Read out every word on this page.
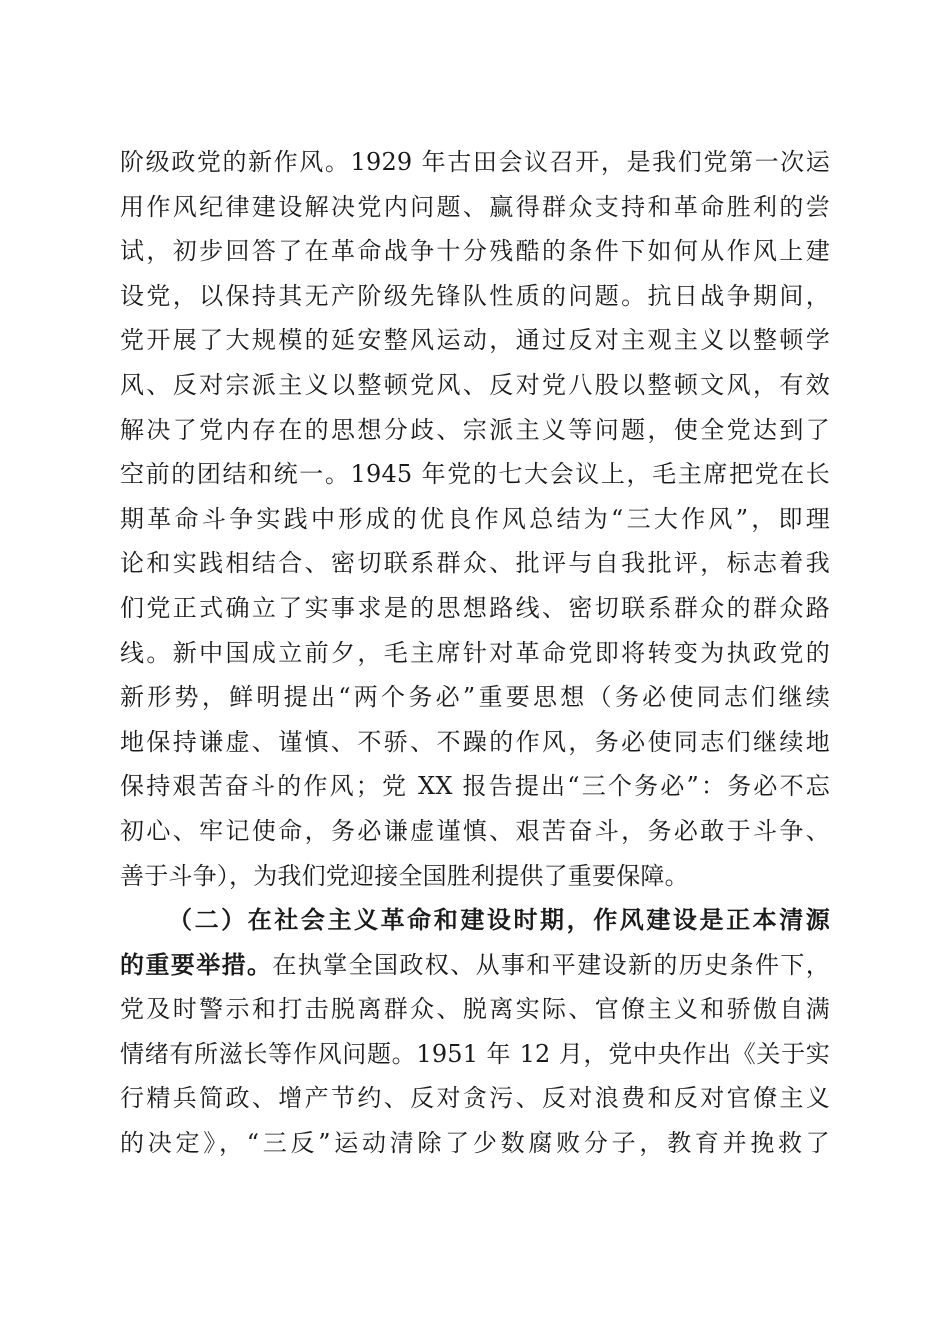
阶级政党的新作风。1929 年古田会议召开，是我们党第一次运
用作风纪律建设解决党内问题、赢得群众支持和革命胜利的尝
试，初步回答了在革命战争十分残酷的条件下如何从作风上建
设党，以保持其无产阶级先锋队性质的问题。抗日战争期间，
党开展了大规模的延安整风运动，通过反对主观主义以整顿学
风、反对宗派主义以整顿党风、反对党八股以整顿文风，有效
解决了党内存在的思想分歧、宗派主义等问题，使全党达到了
空前的团结和统一。1945 年党的七大会议上，毛主席把党在长
期革命斗争实践中形成的优良作风总结为“三大作风”，即理
论和实践相结合、密切联系群众、批评与自我批评，标志着我
们党正式确立了实事求是的思想路线、密切联系群众的群众路
线。新中国成立前夕，毛主席针对革命党即将转变为执政党的
新形势，鲜明提出“两个务必”重要思想（务必使同志们继续
地保持谦虚、谨慎、不骄、不躁的作风，务必使同志们继续地
保持艰苦奋斗的作风；党 XX 报告提出“三个务必”：务必不忘
初心、牢记使命，务必谦虚谨慎、艰苦奋斗，务必敢于斗争、
善于斗争），为我们党迎接全国胜利提供了重要保障。
（二）在社会主义革命和建设时期，作风建设是正本清源
的重要举措。在执掌全国政权、从事和平建设新的历史条件下，
党及时警示和打击脱离群众、脱离实际、官僚主义和骄傲自满
情绪有所滋长等作风问题。1951 年 12 月，党中央作出《关于实
行精兵简政、增产节约、反对贪污、反对浪费和反对官僚主义
的决定》，“三反”运动清除了少数腐败分子，教育并挽救了
